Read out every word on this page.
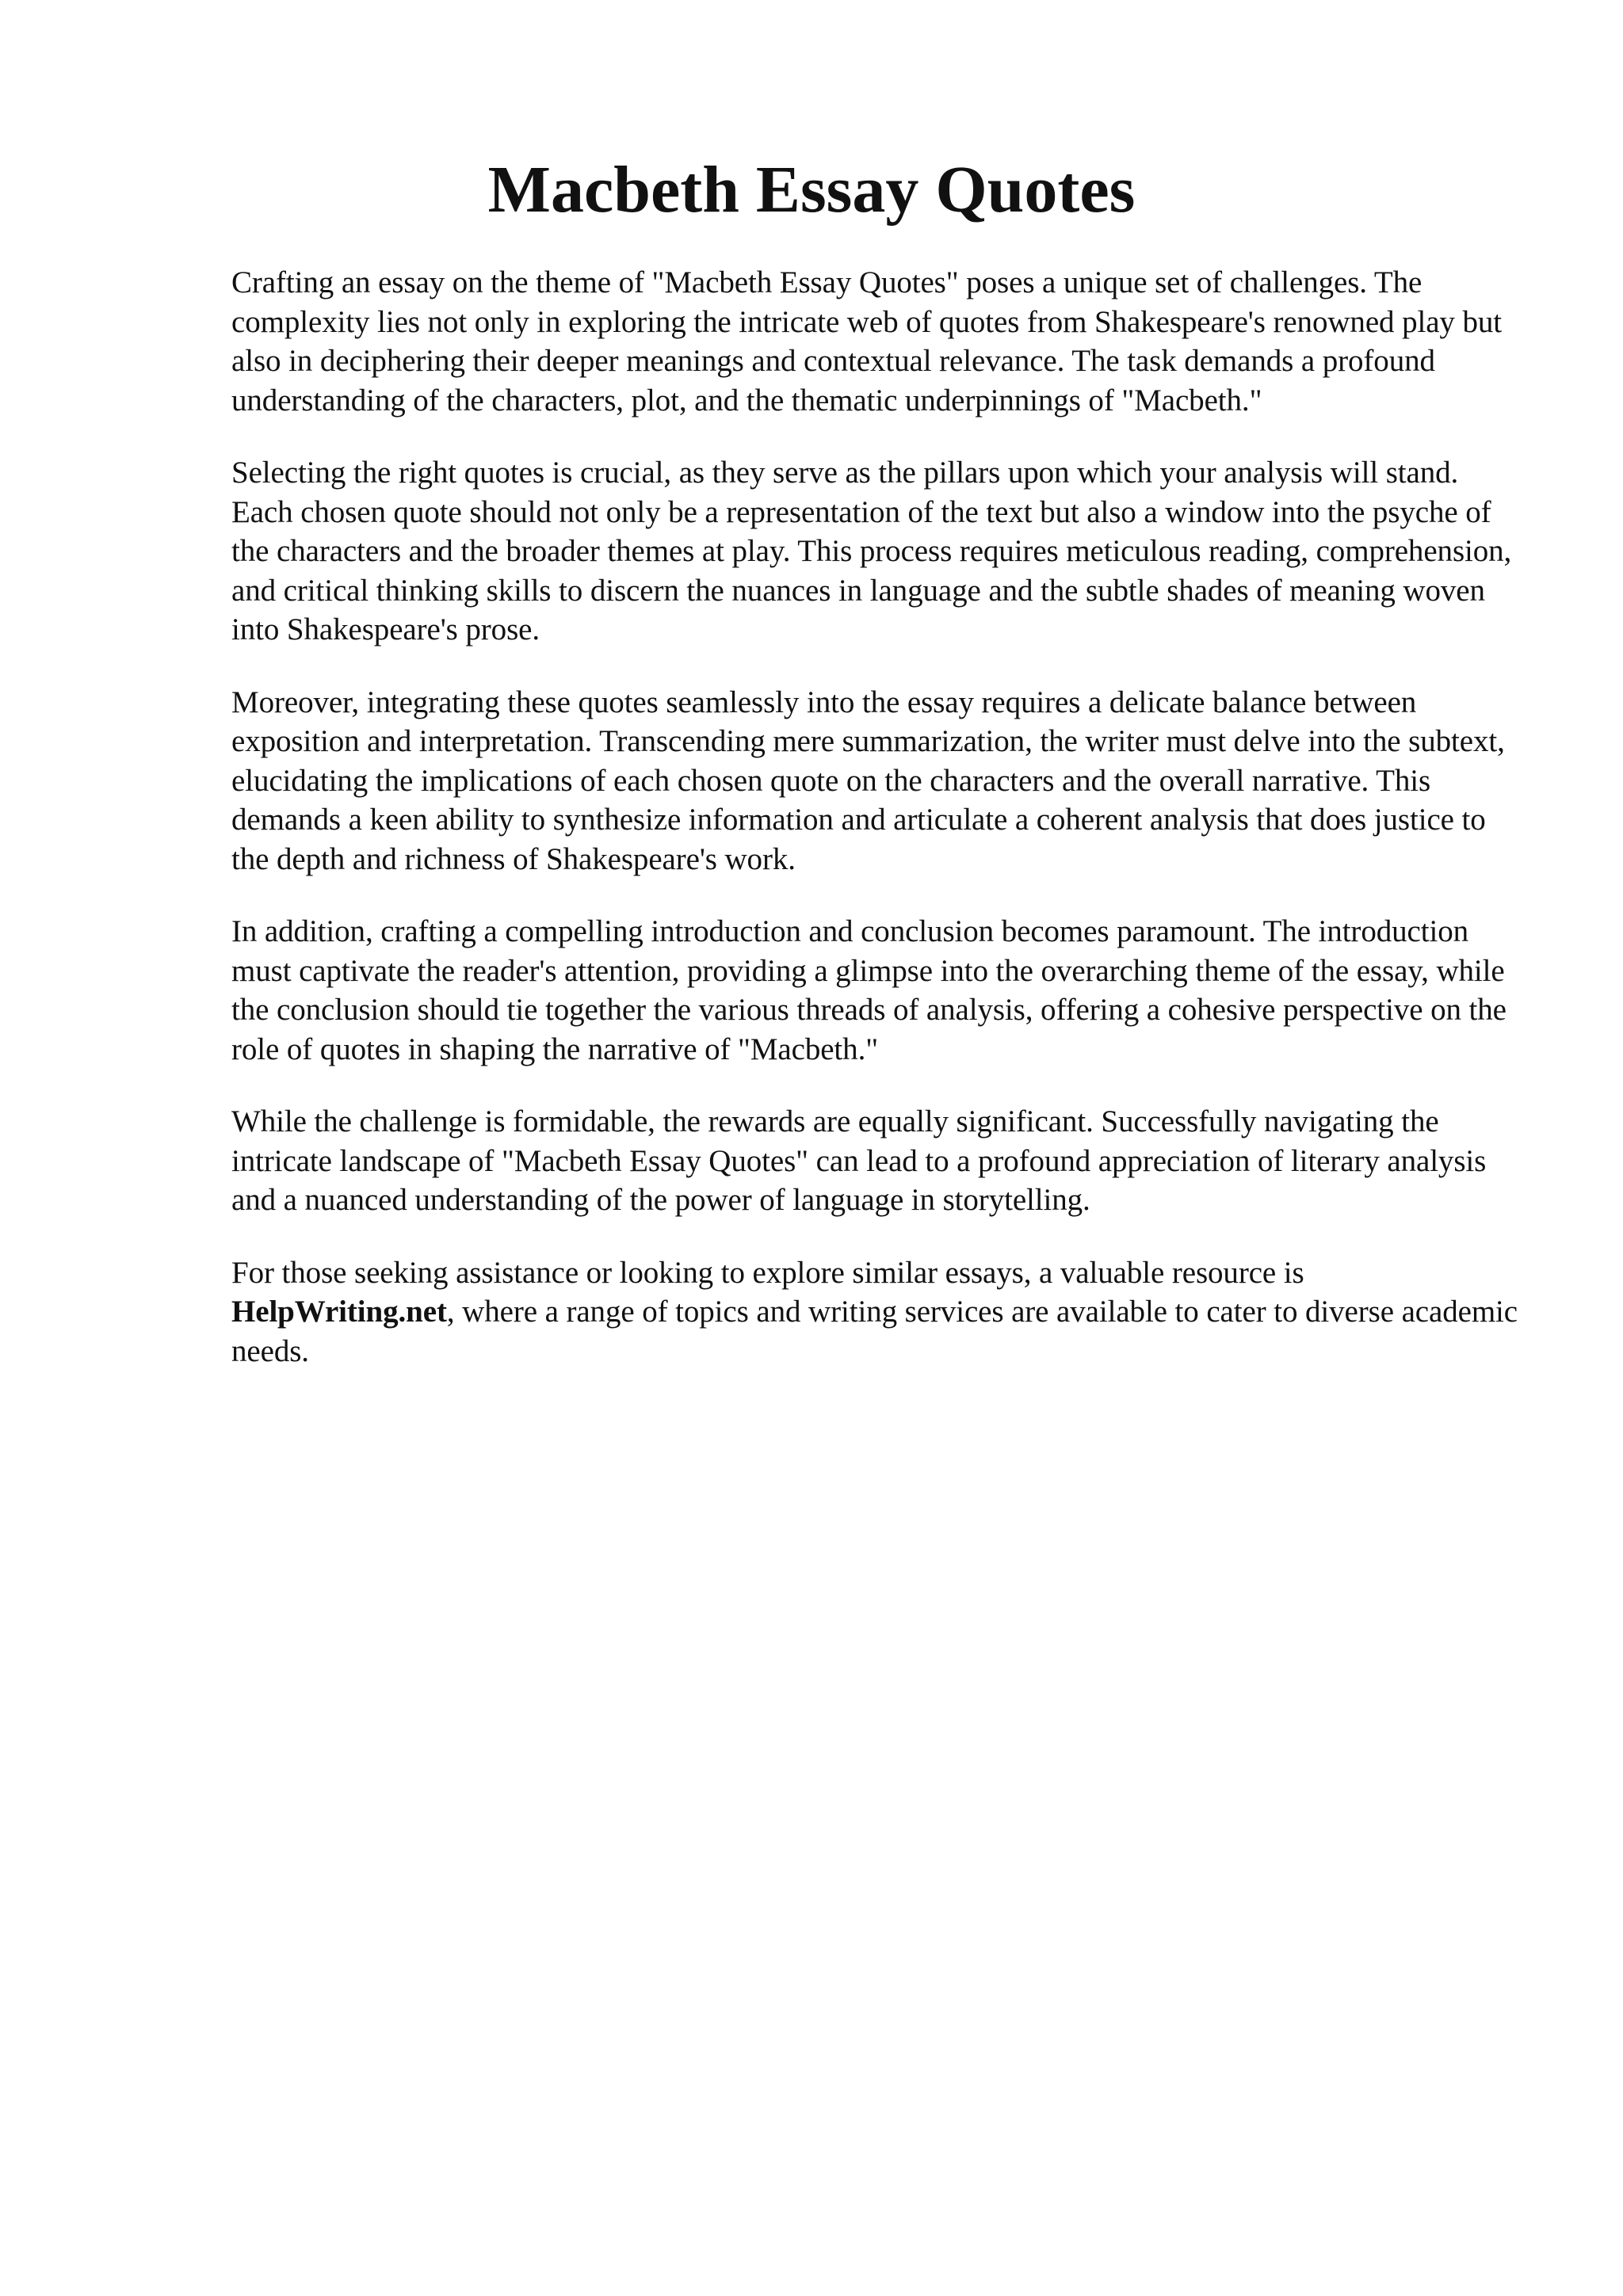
Macbeth Essay Quotes

Crafting an essay on the theme of "Macbeth Essay Quotes" poses a unique set of challenges. The complexity lies not only in exploring the intricate web of quotes from Shakespeare's renowned play but also in deciphering their deeper meanings and contextual relevance. The task demands a profound understanding of the characters, plot, and the thematic underpinnings of "Macbeth."

Selecting the right quotes is crucial, as they serve as the pillars upon which your analysis will stand. Each chosen quote should not only be a representation of the text but also a window into the psyche of the characters and the broader themes at play. This process requires meticulous reading, comprehension, and critical thinking skills to discern the nuances in language and the subtle shades of meaning woven into Shakespeare's prose.

Moreover, integrating these quotes seamlessly into the essay requires a delicate balance between exposition and interpretation. Transcending mere summarization, the writer must delve into the subtext, elucidating the implications of each chosen quote on the characters and the overall narrative. This demands a keen ability to synthesize information and articulate a coherent analysis that does justice to the depth and richness of Shakespeare's work.

In addition, crafting a compelling introduction and conclusion becomes paramount. The introduction must captivate the reader's attention, providing a glimpse into the overarching theme of the essay, while the conclusion should tie together the various threads of analysis, offering a cohesive perspective on the role of quotes in shaping the narrative of "Macbeth."

While the challenge is formidable, the rewards are equally significant. Successfully navigating the intricate landscape of "Macbeth Essay Quotes" can lead to a profound appreciation of literary analysis and a nuanced understanding of the power of language in storytelling.

For those seeking assistance or looking to explore similar essays, a valuable resource is HelpWriting.net, where a range of topics and writing services are available to cater to diverse academic needs.
